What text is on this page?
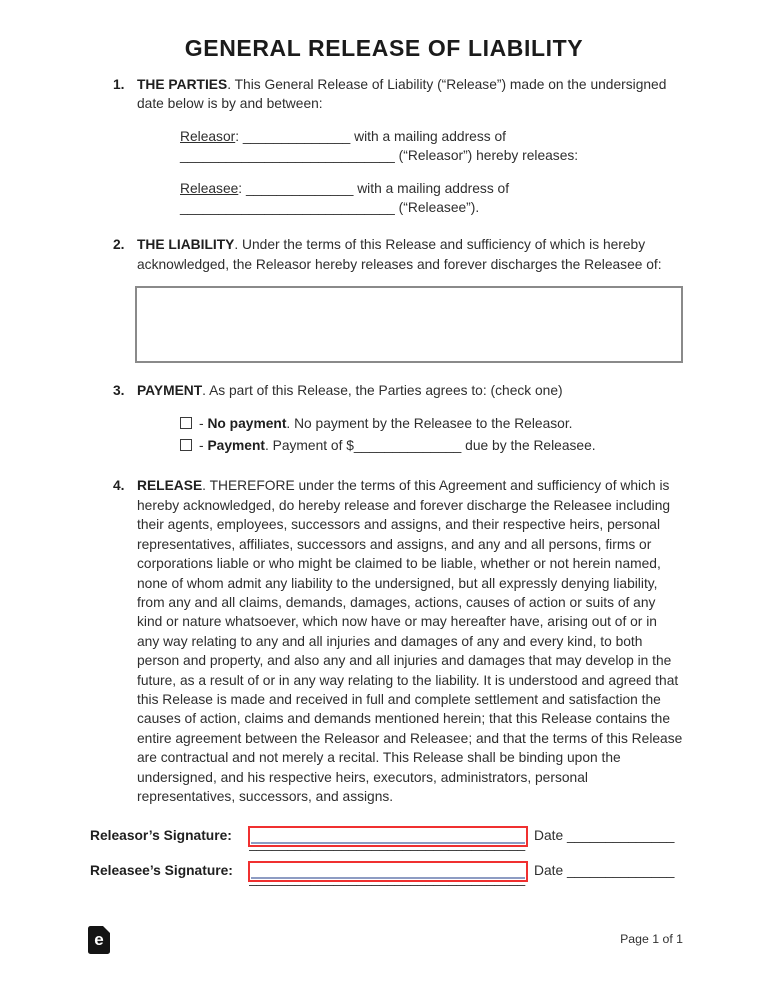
GENERAL RELEASE OF LIABILITY
1. THE PARTIES. This General Release of Liability (“Release”) made on the undersigned date below is by and between:
Releasor: ______________ with a mailing address of
____________________________ (“Releasor”) hereby releases:
Releasee: ______________ with a mailing address of
____________________________ (“Releasee”).
2. THE LIABILITY. Under the terms of this Release and sufficiency of which is hereby acknowledged, the Releasor hereby releases and forever discharges the Releasee of:
3. PAYMENT. As part of this Release, the Parties agrees to: (check one)
- No payment. No payment by the Releasee to the Releasor.
- Payment. Payment of $______________ due by the Releasee.
4. RELEASE. THEREFORE under the terms of this Agreement and sufficiency of which is hereby acknowledged, do hereby release and forever discharge the Releasee including their agents, employees, successors and assigns, and their respective heirs, personal representatives, affiliates, successors and assigns, and any and all persons, firms or corporations liable or who might be claimed to be liable, whether or not herein named, none of whom admit any liability to the undersigned, but all expressly denying liability, from any and all claims, demands, damages, actions, causes of action or suits of any kind or nature whatsoever, which now have or may hereafter have, arising out of or in any way relating to any and all injuries and damages of any and every kind, to both person and property, and also any and all injuries and damages that may develop in the future, as a result of or in any way relating to the liability. It is understood and agreed that this Release is made and received in full and complete settlement and satisfaction the causes of action, claims and demands mentioned herein; that this Release contains the entire agreement between the Releasor and Releasee; and that the terms of this Release are contractual and not merely a recital. This Release shall be binding upon the undersigned, and his respective heirs, executors, administrators, personal representatives, successors, and assigns.
Releasor’s Signature:	Date ______________
Releasee’s Signature:	Date ______________
e	Page 1 of 1
